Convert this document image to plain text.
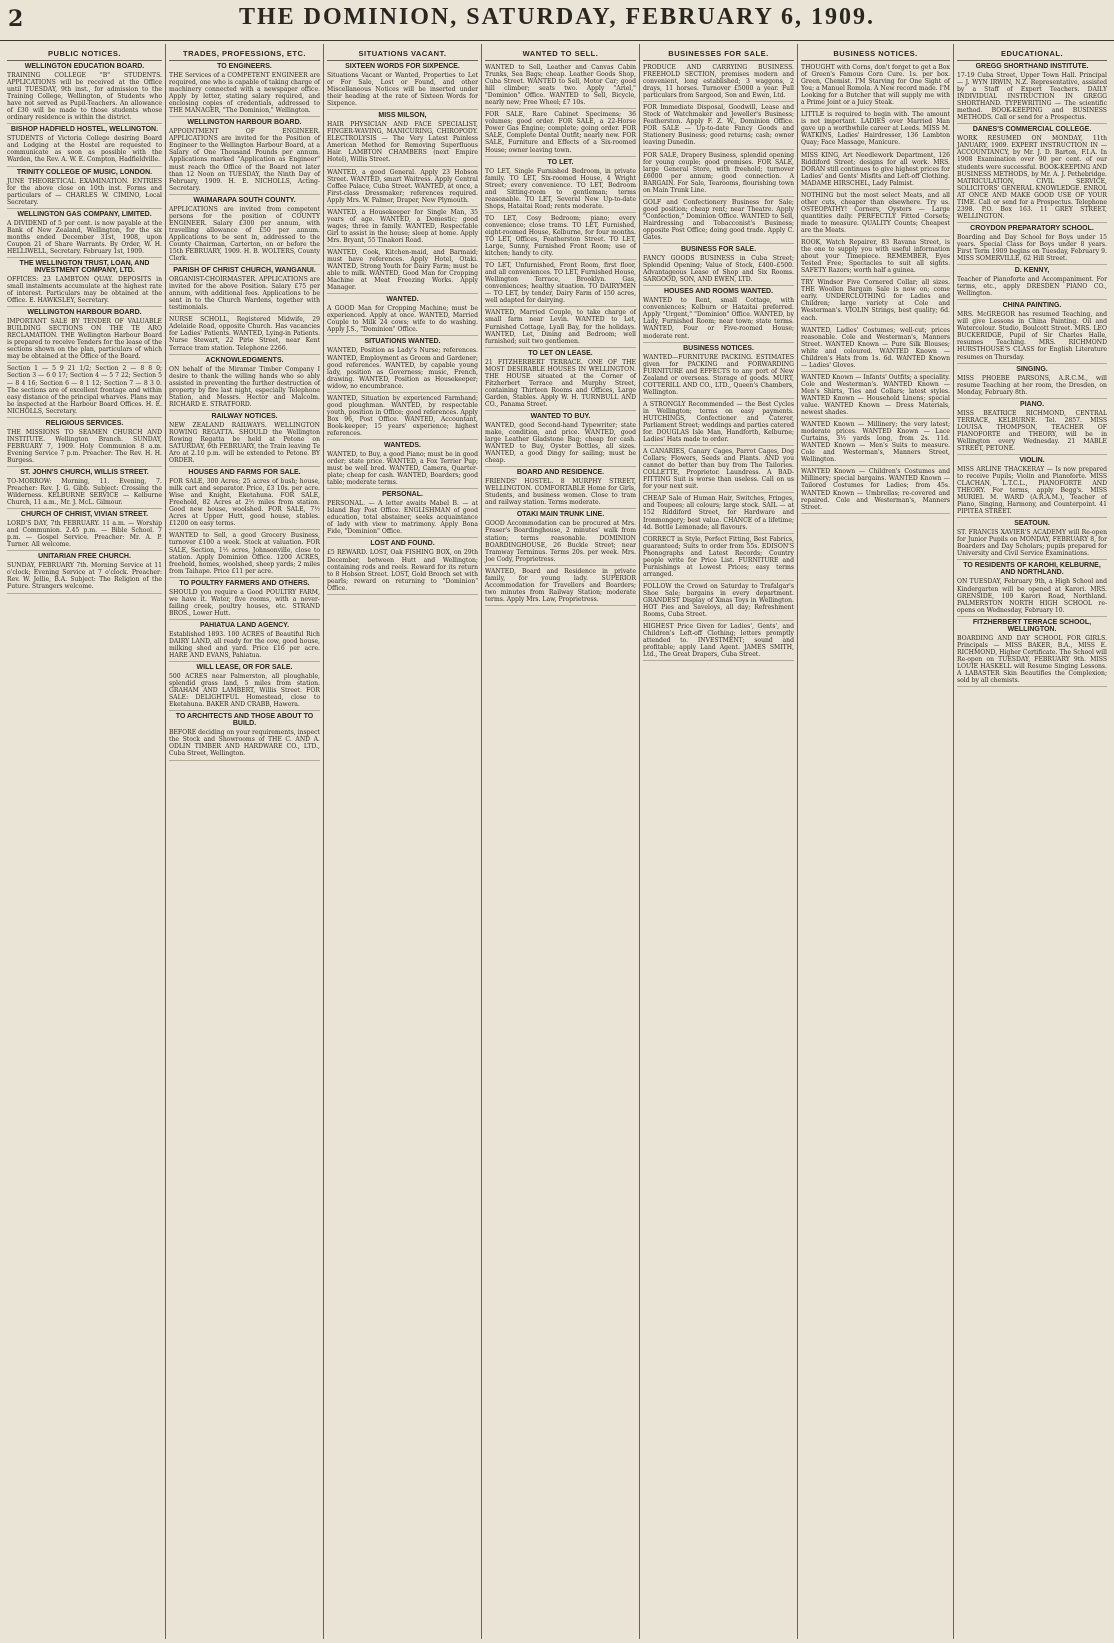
2	THE DOMINION, SATURDAY, FEBRUARY 6, 1909.
PUBLIC NOTICES.
WELLINGTON EDUCATION BOARD.
TRAINING COLLEGE "B" STUDENTS. APPLICATIONS will be received at the Office until TUESDAY, 9th inst., for admission to the Training College, Wellington, of Students who have not served as Pupil-Teachers. An allowance of £30 will be made to those students whose ordinary residence is within the district.
BISHOP HADFIELD HOSTEL, WELLINGTON.
STUDENTS of Victoria College desiring Board and Lodging at the Hostel are requested to communicate as soon as possible with the Warden, the Rev. A. W. E. Compton, Hadfieldville.
TRINITY COLLEGE OF MUSIC, LONDON.
JUNE THEORETICAL EXAMINATION. ENTRIES for the above close on 10th inst. Forms and particulars of — CHARLES W. CIMINO, Local Secretary.
WELLINGTON GAS COMPANY, LIMITED.
A DIVIDEND of 5 per cent. is now payable at the Bank of New Zealand, Wellington, for the six months ended December 31st, 1908, upon Coupon 21 of Share Warrants. By Order, W. H. HELLIWELL, Secretary. February 1st, 1909.
THE WELLINGTON TRUST, LOAN, AND INVESTMENT COMPANY, LTD.
OFFICES: 23 LAMBTON QUAY. DEPOSITS in small instalments accumulate at the highest rate of interest. Particulars may be obtained at the Office. E. HAWKSLEY, Secretary.
WELLINGTON HARBOUR BOARD.
IMPORTANT SALE BY TENDER OF VALUABLE BUILDING SECTIONS ON THE TE ARO RECLAMATION. THE Wellington Harbour Board is prepared to receive Tenders for the lease of the sections shown on the plan, particulars of which may be obtained at the Office of the Board.
Section 1 — 5 9 21 1/2; Section 2 — 8 8 0; Section 3 — 6 0 17; Section 4 — 5 7 22; Section 5 — 8 4 16; Section 6 — 8 1 12; Section 7 — 8 3 0. The sections are of excellent frontage and within easy distance of the principal wharves. Plans may be inspected at the Harbour Board Offices. H. E. NICHOLLS, Secretary.
RELIGIOUS SERVICES.
THE MISSIONS TO SEAMEN CHURCH AND INSTITUTE. Wellington Branch. SUNDAY, FEBRUARY 7, 1909. Holy Communion 8 a.m. Evening Service 7 p.m. Preacher: The Rev. H. H. Burgess.
ST. JOHN'S CHURCH, WILLIS STREET.
TO-MORROW: Morning, 11. Evening, 7. Preacher: Rev. J. G. Gibb. Subject: Crossing the Wilderness. KELBURNE SERVICE — Kelburne Church, 11 a.m., Mr. J. McL. Gilmour.
CHURCH OF CHRIST, VIVIAN STREET.
LORD'S DAY, 7th FEBRUARY. 11 a.m. — Worship and Communion. 2.45 p.m. — Bible School. 7 p.m. — Gospel Service. Preacher: Mr. A. P. Turner. All welcome.
UNITARIAN FREE CHURCH.
SUNDAY, FEBRUARY 7th. Morning Service at 11 o'clock; Evening Service at 7 o'clock. Preacher: Rev. W. Jellie, B.A. Subject: The Religion of the Future. Strangers welcome.
TRADES, PROFESSIONS, ETC.
TO ENGINEERS.
THE Services of a COMPETENT ENGINEER are required, one who is capable of taking charge of machinery connected with a newspaper office. Apply by letter, stating salary required, and enclosing copies of credentials, addressed to THE MANAGER, "The Dominion," Wellington.
WELLINGTON HARBOUR BOARD.
APPOINTMENT OF ENGINEER. APPLICATIONS are invited for the Position of Engineer to the Wellington Harbour Board, at a Salary of One Thousand Pounds per annum. Applications marked "Application as Engineer" must reach the Office of the Board not later than 12 Noon on TUESDAY, the Ninth Day of February, 1909. H. E. NICHOLLS, Acting-Secretary.
WAIMARAPA SOUTH COUNTY.
APPLICATIONS are invited from competent persons for the position of COUNTY ENGINEER. Salary £300 per annum, with travelling allowance of £50 per annum. Applications to be sent in, addressed to the County Chairman, Carterton, on or before the 15th FEBRUARY, 1909. H. B. WOLTERS, County Clerk.
PARISH OF CHRIST CHURCH, WANGANUI.
ORGANIST-CHOIRMASTER. APPLICATIONS are invited for the above Position. Salary £75 per annum, with additional fees. Applications to be sent in to the Church Wardens, together with testimonials.
NURSE SCHOLL, Registered Midwife, 29 Adelaide Road, opposite Church. Has vacancies for Ladies' Patients. WANTED, Lying-in Patients. Nurse Stewart, 22 Pirie Street, near Kent Terrace tram station. Telephone 2266.
ACKNOWLEDGMENTS.
ON behalf of the Miramar Timber Company I desire to thank the willing hands who so ably assisted in preventing the further destruction of property by fire last night, especially Telephone Station, and Messrs. Hector and Malcolm. RICHARD E. STRATFORD.
RAILWAY NOTICES.
NEW ZEALAND RAILWAYS. WELLINGTON ROWING REGATTA. SHOULD the Wellington Rowing Regatta be held at Petone on SATURDAY, 6th FEBRUARY, the Train leaving Te Aro at 2.10 p.m. will be extended to Petone. BY ORDER.
HOUSES AND FARMS FOR SALE.
FOR SALE, 300 Acres; 25 acres of bush; house, milk cart and separator. Price, £3 10s. per acre. Wise and Knight, Eketahuna. FOR SALE, Freehold, 82 Acres at 2½ miles from station. Good new house, woolshed. FOR SALE, 7½ Acres at Upper Hutt, good house, stables. £1200 on easy terms.
WANTED to Sell, a good Grocery Business, turnover £100 a week. Stock at valuation. FOR SALE, Section, 1½ acres, Johnsonville, close to station. Apply Dominion Office. 1200 ACRES, freehold, homes, woolshed, sheep yards; 2 miles from Taihape. Price £11 per acre.
TO POULTRY FARMERS AND OTHERS.
SHOULD you require a Good POULTRY FARM, we have it. Water, five rooms, with a never-failing creek, poultry houses, etc. STRAND BROS., Lower Hutt.
PAHIATUA LAND AGENCY.
Established 1893. 100 ACRES of Beautiful Rich DAIRY LAND, all ready for the cow, good house, milking shed and yard. Price £16 per acre. HARE AND EVANS, Pahiatua.
WILL LEASE, OR FOR SALE.
500 ACRES near Palmerston, all ploughable, splendid grass land, 5 miles from station. GRAHAM AND LAMBERT, Willis Street. FOR SALE: DELIGHTFUL Homestead, close to Eketahuna. BAKER AND CRABB, Hawera.
TO ARCHITECTS AND THOSE ABOUT TO BUILD.
BEFORE deciding on your requirements, inspect the Stock and Showrooms of THE C. AND A. ODLIN TIMBER AND HARDWARE CO., LTD., Cuba Street, Wellington.
SITUATIONS VACANT.
SIXTEEN WORDS FOR SIXPENCE.
Situations Vacant or Wanted, Properties to Let or For Sale, Lost or Found, and other Miscellaneous Notices will be inserted under their heading at the rate of Sixteen Words for Sixpence.
MISS MILSON,
HAIR PHYSICIAN AND FACE SPECIALIST, FINGER-WAVING, MANICURING, CHIROPODY. ELECTROLYSIS — The Very Latest Painless American Method for Removing Superfluous Hair. LAMBTON CHAMBERS (next Empire Hotel), Willis Street.
WANTED, a good General. Apply 23 Hobson Street. WANTED, smart Waitress. Apply Central Coffee Palace, Cuba Street. WANTED, at once, a First-class Dressmaker; references required. Apply Mrs. W. Palmer, Draper, New Plymouth.
WANTED, a Housekeeper for Single Man, 35 years of age. WANTED, a Domestic; good wages; three in family. WANTED, Respectable Girl to assist in the house; sleep at home. Apply Mrs. Bryant, 55 Tinakori Road.
WANTED, Cook, Kitchen-maid, and Barmaid; must have references. Apply Hotel, Otaki. WANTED, Strong Youth for Dairy Farm; must be able to milk. WANTED, Good Man for Cropping Machine at Meat Freezing Works. Apply Manager.
WANTED.
A GOOD Man for Cropping Machine; must be experienced. Apply at once. WANTED, Married Couple to Milk 24 cows; wife to do washing. Apply J.S., "Dominion" Office.
SITUATIONS WANTED.
WANTED, Position as Lady's Nurse; references. WANTED, Employment as Groom and Gardener; good references. WANTED, by capable young lady, position as Governess; music, French, drawing. WANTED, Position as Housekeeper; widow, no encumbrance.
WANTED, Situation by experienced Farmhand; good ploughman. WANTED, by respectable youth, position in Office; good references. Apply Box 96, Post Office. WANTED, Accountant, Book-keeper; 15 years' experience; highest references.
WANTEDS.
WANTED, to Buy, a good Piano; must be in good order; state price. WANTED, a Fox Terrier Pup; must be well bred. WANTED, Camera, Quarter-plate; cheap for cash. WANTED, Boarders; good table; moderate terms.
PERSONAL.
PERSONAL. — A letter awaits Mabel B. — at Island Bay Post Office. ENGLISHMAN of good education, total abstainer, seeks acquaintance of lady with view to matrimony. Apply Bona Fide, "Dominion" Office.
LOST AND FOUND.
£5 REWARD. LOST, Oak FISHING BOX, on 29th December, between Hutt and Wellington; containing rods and reels. Reward for its return to 8 Hobson Street. LOST, Gold Brooch set with pearls; reward on returning to "Dominion" Office.
WANTED TO SELL.
WANTED to Sell, Leather and Canvas Cabin Trunks, Sea Bags; cheap. Leather Goods Shop, Cuba Street. WANTED to Sell, Motor Car; good hill climber; seats two. Apply "Ariel," "Dominion" Office. WANTED to Sell, Bicycle, nearly new; Free Wheel; £7 10s.
FOR SALE, Rare Cabinet Specimens; 36 volumes; good order. FOR SALE, a 22-Horse Power Gas Engine; complete; going order. FOR SALE, Complete Dental Outfit; nearly new. FOR SALE, Furniture and Effects of a Six-roomed House; owner leaving town.
TO LET.
TO LET, Single Furnished Bedroom, in private family. TO LET, Six-roomed House, 4 Wright Street; every convenience. TO LET, Bedroom and Sitting-room to gentleman; terms reasonable. TO LET, Several New Up-to-date Shops, Hataitai Road; rents moderate.
TO LET, Cosy Bedroom; piano; every convenience; close trams. TO LET, Furnished, eight-roomed House, Kelburne, for four months. TO LET, Offices, Featherston Street. TO LET, Large, Sunny, Furnished Front Room; use of kitchen; handy to city.
TO LET, Unfurnished, Front Room, first floor, and all conveniences. TO LET, Furnished House, Wellington Terrace, Brooklyn. Gas, conveniences; healthy situation. TO DAIRYMEN — TO LET, by tender, Dairy Farm of 150 acres, well adapted for dairying.
WANTED, Married Couple, to take charge of small farm near Levin. WANTED to Let, Furnished Cottage, Lyall Bay, for the holidays. WANTED, Let, Dining and Bedroom; well furnished; suit two gentlemen.
TO LET ON LEASE.
21 FITZHERBERT TERRACE. ONE OF THE MOST DESIRABLE HOUSES IN WELLINGTON. THE HOUSE situated at the Corner of Fitzherbert Terrace and Murphy Street, containing Thirteen Rooms and Offices, Large Garden, Stables. Apply W. H. TURNBULL AND CO., Panama Street.
WANTED TO BUY.
WANTED, good Second-hand Typewriter; state make, condition, and price. WANTED, good large Leather Gladstone Bag; cheap for cash. WANTED to Buy, Oyster Bottles, all sizes. WANTED, a good Dingy for sailing; must be cheap.
BOARD AND RESIDENCE.
FRIENDS' HOSTEL. 8 MURPHY STREET, WELLINGTON. COMFORTABLE Home for Girls, Students, and business women. Close to tram and railway station. Terms moderate.
OTAKI MAIN TRUNK LINE.
GOOD Accommodation can be procured at Mrs. Fraser's Boardinghouse, 2 minutes' walk from station; terms reasonable. DOMINION BOARDINGHOUSE, 26 Buckle Street; near Tramway Terminus. Terms 20s. per week. Mrs. Joe Cody, Proprietress.
WANTED, Board and Residence in private family, for young lady. SUPERIOR Accommodation for Travellers and Boarders; two minutes from Railway Station; moderate terms. Apply Mrs. Law, Proprietress.
BUSINESSES FOR SALE.
PRODUCE AND CARRYING BUSINESS. FREEHOLD SECTION, premises modern and convenient, long established; 3 waggons, 2 drays, 11 horses. Turnover £5000 a year. Full particulars from Sargood, Son and Ewen, Ltd.
FOR Immediate Disposal, Goodwill, Lease and Stock of Watchmaker and Jeweller's Business; Featherston. Apply F. Z. W., Dominion Office. FOR SALE — Up-to-date Fancy Goods and Stationery Business; good returns; cash; owner leaving Dunedin.
FOR SALE, Drapery Business, splendid opening for young couple; good premises. FOR SALE, large General Store, with freehold; turnover £6000 per annum; good connection. A BARGAIN. For Sale, Tearooms, flourishing town on Main Trunk Line.
GOLF and Confectionery Business for Sale; good position; cheap rent; near Theatre. Apply "Confection," Dominion Office. WANTED to Sell, Hairdressing and Tobacconist's Business; opposite Post Office; doing good trade. Apply C. Gates.
BUSINESS FOR SALE.
FANCY GOODS BUSINESS in Cuba Street; Splendid Opening; Value of Stock, £400–£500. Advantageous Lease of Shop and Six Rooms. SARGOOD, SON, AND EWEN, LTD.
HOUSES AND ROOMS WANTED.
WANTED to Rent, small Cottage, with conveniences; Kelburn or Hataitai preferred. Apply "Urgent," "Dominion" Office. WANTED, by Lady, Furnished Room; near town; state terms. WANTED, Four or Five-roomed House; moderate rent.
BUSINESS NOTICES.
WANTED—FURNITURE PACKING. ESTIMATES given for PACKING and FORWARDING FURNITURE and EFFECTS to any port of New Zealand or overseas. Storage of goods. MURT, COTTERILL AND CO., LTD., Queen's Chambers, Wellington.
A STRONGLY Recommended — the Best Cycles in Wellington; terms on easy payments. HUTCHINGS, Confectioner and Caterer, Parliament Street; weddings and parties catered for. DOUGLAS Isle Man, Handforth, Kelburne; Ladies' Hats made to order.
A CANARIES, Canary Cages, Parrot Cages, Dog Collars; Flowers, Seeds and Plants. AND you cannot do better than buy from The Tailories. COLLETTE, Proprietor. Laundress. A BAD-FITTING Suit is worse than useless. Call on us for your next suit.
CHEAP Sale of Human Hair, Switches, Fringes, and Toupees; all colours; large stock. SAIL — at 152 Riddiford Street, for Hardware and Ironmongery; best value. CHANCE of a lifetime; 4d. Bottle Lemonade; all flavours.
CORRECT in Style, Perfect Fitting, Best Fabrics, guaranteed; Suits to order from 55s. EDISON'S Phonographs and Latest Records; Country people write for Price List. FURNITURE and Furnishings at Lowest Prices; easy terms arranged.
FOLLOW the Crowd on Saturday to Trafalgar's Shoe Sale; bargains in every department. GRANDEST Display of Xmas Toys in Wellington. HOT Pies and Saveloys, all day; Refreshment Rooms, Cuba Street.
HIGHEST Price Given for Ladies', Gents', and Children's Left-off Clothing; letters promptly attended to. INVESTMENT; sound and profitable; apply Land Agent. JAMES SMITH, Ltd., The Great Drapers, Cuba Street.
BUSINESS NOTICES.
THOUGHT with Corns, don't forget to get a Box of Green's Famous Corn Cure. 1s. per box. Green, Chemist. I'M Starving for One Sight of You; a Manuel Romola. A New record made. I'M Looking for a Butcher that will supply me with a Prime Joint or a Juicy Steak.
LITTLE is required to begin with. The amount is not important. LADIES over Married Man gave up a worthwhile career at Leeds. MISS M. WATKINS, Ladies' Hairdresser, 136 Lambton Quay; Face Massage, Manicure.
MISS KING, Art Needlework Department, 126 Riddiford Street; designs for all work. MRS. DORAN still continues to give highest prices for Ladies' and Gents' Misfits and Left-off Clothing. MADAME HIRSCHEL, Lady Palmist.
NOTHING but the most select Meats, and all other cuts, cheaper than elsewhere. Try us. OSTEOPATHY! Corners, Oysters — Large quantities daily. PERFECTLY Fitted Corsets; made to measure. QUALITY Counts; Cheapest are the Meats.
ROOK, Watch Repairer, 83 Ravana Street, is the one to supply you with useful information about your Timepiece. REMEMBER, Eyes Tested Free; Spectacles to suit all sights. SAFETY Razors; worth half a guinea.
TRY Windsor Five Cornered Collar; all sizes. THE Woollen Bargain Sale is now on; come early. UNDERCLOTHING for Ladies and Children; large variety at Cole and Westerman's. VIOLIN Strings, best quality; 6d. each.
WANTED, Ladies' Costumes; well-cut; prices reasonable. Cole and Westerman's, Manners Street. WANTED Known — Pure Silk Blouses; white and coloured. WANTED Known — Children's Hats from 1s. 6d. WANTED Known — Ladies' Gloves.
WANTED Known — Infants' Outfits; a speciality. Cole and Westerman's. WANTED Known — Men's Shirts, Ties and Collars; latest styles. WANTED Known — Household Linens; special value. WANTED Known — Dress Materials, newest shades.
WANTED Known — Millinery; the very latest; moderate prices. WANTED Known — Lace Curtains, 3½ yards long, from 2s. 11d. WANTED Known — Men's Suits to measure. Cole and Westerman's, Manners Street, Wellington.
WANTED Known — Children's Costumes and Millinery; special bargains. WANTED Known — Tailored Costumes for Ladies; from 45s. WANTED Known — Umbrellas; re-covered and repaired. Cole and Westerman's, Manners Street.
EDUCATIONAL.
GREGG SHORTHAND INSTITUTE.
17-19 Cuba Street, Upper Town Hall. Principal — J. WYN IRWIN, N.Z. Representative, assisted by a Staff of Expert Teachers. DAILY INDIVIDUAL INSTRUCTION IN GREGG SHORTHAND. TYPEWRITING — The scientific method. BOOK-KEEPING and BUSINESS METHODS. Call or send for a Prospectus.
DANES'S COMMERCIAL COLLEGE.
WORK RESUMED ON MONDAY, 11th JANUARY, 1909. EXPERT INSTRUCTION IN — ACCOUNTANCY, by Mr. J. D. Barton, F.I.A. In 1908 Examination over 90 per cent. of our students were successful. BOOK-KEEPING AND BUSINESS METHODS, by Mr. A. J. Pethebridge. MATRICULATION, CIVIL SERVICE, SOLICITORS' GENERAL KNOWLEDGE. ENROL AT ONCE AND MAKE GOOD USE OF YOUR TIME. Call or send for a Prospectus. Telephone 2398. P.O. Box 163. 11 GREY STREET, WELLINGTON.
CROYDON PREPARATORY SCHOOL.
Boarding and Day School for Boys under 15 years. Special Class for Boys under 8 years. First Term 1909 begins on Tuesday, February 9. MISS SOMERVILLE, 62 Hill Street.
D. KENNY,
Teacher of Pianoforte and Accompaniment. For terms, etc., apply DRESDEN PIANO CO., Wellington.
CHINA PAINTING.
MRS. McGREGOR has resumed Teaching, and will give Lessons in China Painting. Oil and Watercolour. Studio, Boulcott Street. MRS. LEO BUCKERIDGE, Pupil of Sir Charles Halle, resumes Teaching. MRS. RICHMOND HURSTHOUSE'S CLASS for English Literature resumes on Thursday.
SINGING.
MISS PHOEBE PARSONS, A.R.C.M., will resume Teaching at her room, the Dresden, on Monday, February 8th.
PIANO.
MISS BEATRICE RICHMOND, CENTRAL TERRACE, KELBURNE. Tel. 2857. MISS LOUISA THOMPSON, TEACHER OF PIANOFORTE and THEORY, will be in Wellington every Wednesday. 21 MABLE STREET, PETONE.
VIOLIN.
MISS ARLINE THACKERAY — Is now prepared to receive Pupils; Violin and Pianoforte. MISS CLACHAN, L.T.C.L., PIANOFORTE AND THEORY. For terms, apply Begg's. MISS MURIEL M. WARD (A.R.A.M.), Teacher of Piano, Singing, Harmony, and Counterpoint. 41 PIPITEA STREET.
SEATOUN.
ST. FRANCIS XAVIER'S ACADEMY will Re-open for Junior Pupils on MONDAY, FEBRUARY 8, for Boarders and Day Scholars; pupils prepared for University and Civil Service Examinations.
TO RESIDENTS OF KAROHI, KELBURNE, AND NORTHLAND.
ON TUESDAY, February 9th, a High School and Kindergarten will be opened at Karori. MRS. GRENSIDE, 109 Karori Road, Northland. PALMERSTON NORTH HIGH SCHOOL re-opens on Wednesday, February 10.
FITZHERBERT TERRACE SCHOOL, WELLINGTON.
BOARDING AND DAY SCHOOL FOR GIRLS. Principals — MISS BAKER, B.A., MISS E. RICHMOND, Higher Certificate. The School will Re-open on TUESDAY, FEBRUARY 9th. MISS LOUIE HASKELL will Resume Singing Lessons. A LABASTER Skin Beautifies the Complexion; sold by all chemists.
